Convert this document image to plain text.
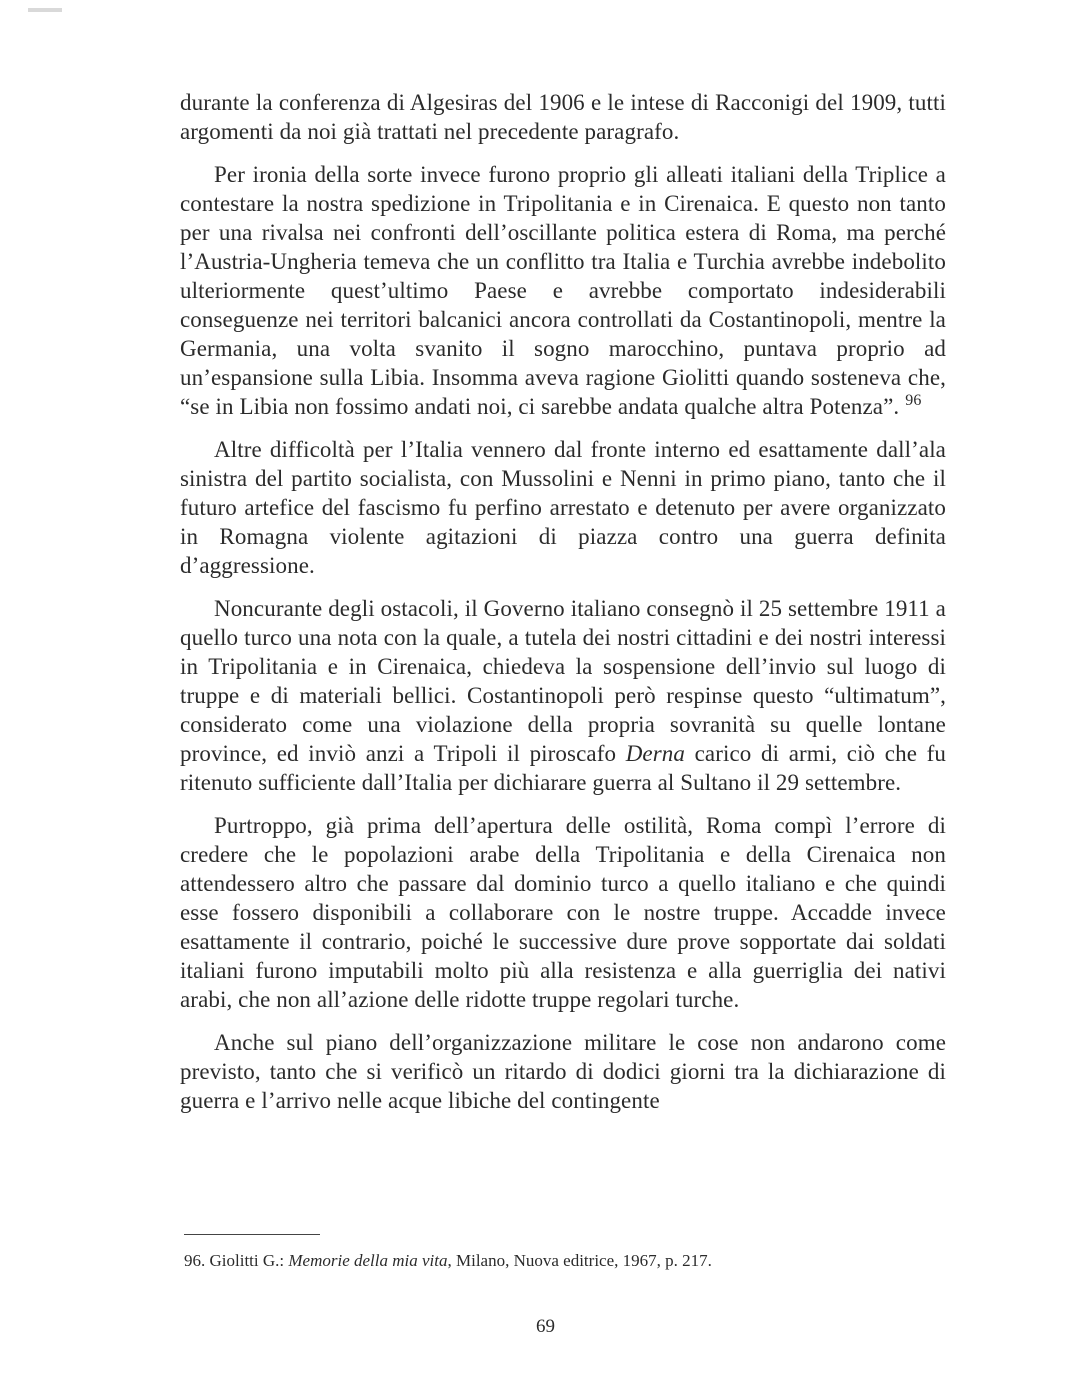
durante la conferenza di Algesiras del 1906 e le intese di Racconigi del 1909, tutti argomenti da noi già trattati nel precedente paragrafo.

Per ironia della sorte invece furono proprio gli alleati italiani della Triplice a contestare la nostra spedizione in Tripolitania e in Cirenaica. E questo non tanto per una rivalsa nei confronti dell’oscillante politica estera di Roma, ma perché l’Austria-Ungheria temeva che un conflitto tra Italia e Turchia avrebbe indebolito ulteriormente quest’ultimo Paese e avrebbe comportato indesiderabili conseguenze nei territori balcanici ancora controllati da Costantinopoli, mentre la Germania, una volta svanito il sogno marocchino, puntava proprio ad un’espansione sulla Libia. Insomma aveva ragione Giolitti quando sosteneva che, “se in Libia non fossimo andati noi, ci sarebbe andata qualche altra Potenza”. $^{96}$

Altre difficoltà per l’Italia vennero dal fronte interno ed esattamente dall’ala sinistra del partito socialista, con Mussolini e Nenni in primo piano, tanto che il futuro artefice del fascismo fu perfino arrestato e detenuto per avere organizzato in Romagna violente agitazioni di piazza contro una guerra definita d’aggressione.

Noncurante degli ostacoli, il Governo italiano consegnò il 25 settembre 1911 a quello turco una nota con la quale, a tutela dei nostri cittadini e dei nostri interessi in Tripolitania e in Cirenaica, chiedeva la sospensione dell’invio sul luogo di truppe e di materiali bellici. Costantinopoli però respinse questo “ultimatum”, considerato come una violazione della propria sovranità su quelle lontane province, ed inviò anzi a Tripoli il piroscafo Derna carico di armi, ciò che fu ritenuto sufficiente dall’Italia per dichiarare guerra al Sultano il 29 settembre.

Purtroppo, già prima dell’apertura delle ostilità, Roma compì l’errore di credere che le popolazioni arabe della Tripolitania e della Cirenaica non attendessero altro che passare dal dominio turco a quello italiano e che quindi esse fossero disponibili a collaborare con le nostre truppe. Accadde invece esattamente il contrario, poiché le successive dure prove sopportate dai soldati italiani furono imputabili molto più alla resistenza e alla guerriglia dei nativi arabi, che non all’azione delle ridotte truppe regolari turche.

Anche sul piano dell’organizzazione militare le cose non andarono come previsto, tanto che si verificò un ritardo di dodici giorni tra la dichiarazione di guerra e l’arrivo nelle acque libiche del contingente

96. Giolitti G.: Memorie della mia vita, Milano, Nuova editrice, 1967, p. 217.
69
